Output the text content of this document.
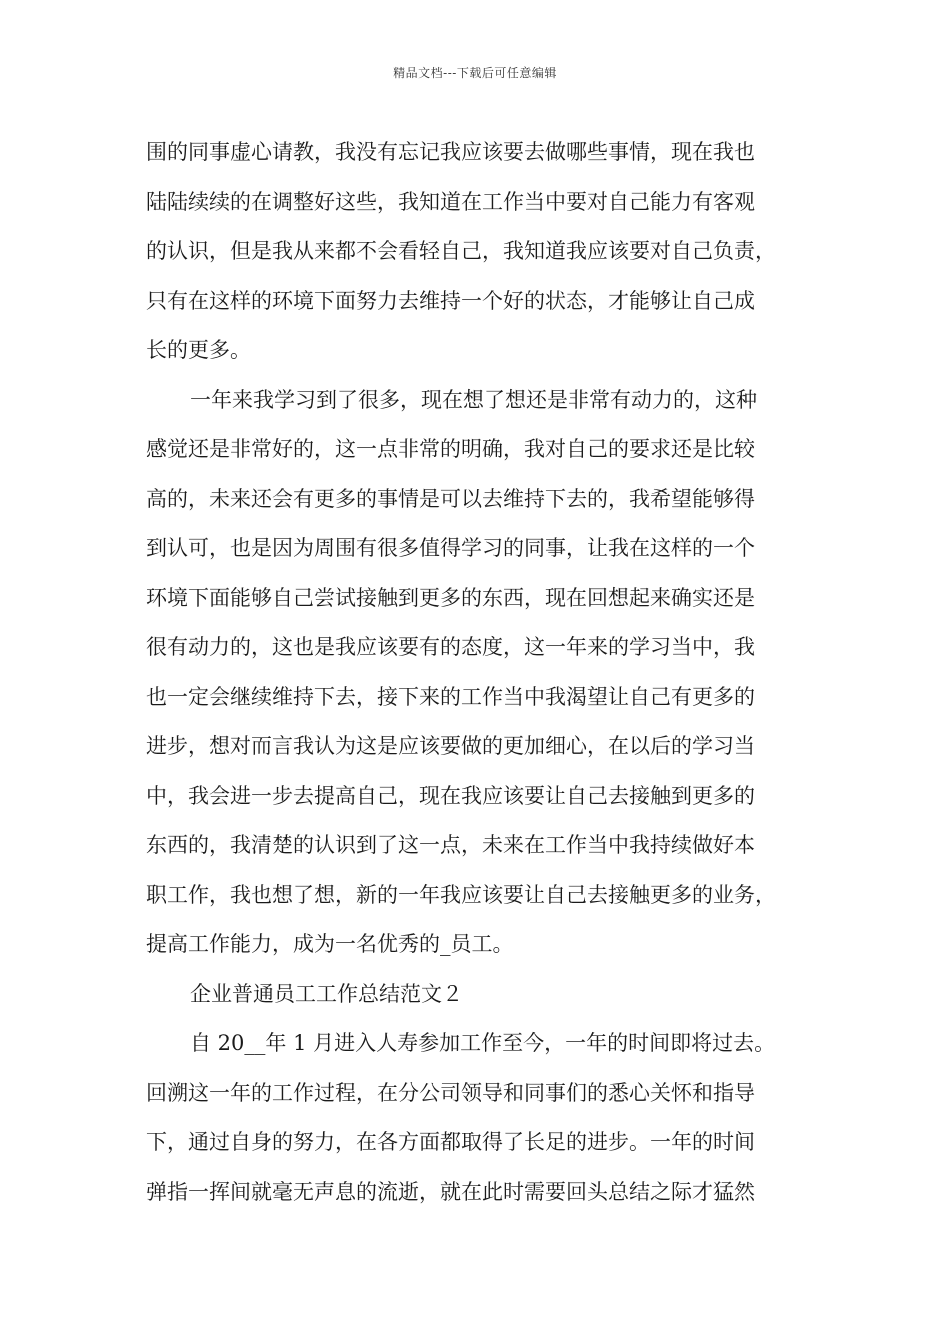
精品文档---下载后可任意编辑
围的同事虚心请教，我没有忘记我应该要去做哪些事情，现在我也
陆陆续续的在调整好这些，我知道在工作当中要对自己能力有客观
的认识，但是我从来都不会看轻自己，我知道我应该要对自己负责，
只有在这样的环境下面努力去维持一个好的状态，才能够让自己成
长的更多。
一年来我学习到了很多，现在想了想还是非常有动力的，这种
感觉还是非常好的，这一点非常的明确，我对自己的要求还是比较
高的，未来还会有更多的事情是可以去维持下去的，我希望能够得
到认可，也是因为周围有很多值得学习的同事，让我在这样的一个
环境下面能够自己尝试接触到更多的东西，现在回想起来确实还是
很有动力的，这也是我应该要有的态度，这一年来的学习当中，我
也一定会继续维持下去，接下来的工作当中我渴望让自己有更多的
进步，想对而言我认为这是应该要做的更加细心，在以后的学习当
中，我会进一步去提高自己，现在我应该要让自己去接触到更多的
东西的，我清楚的认识到了这一点，未来在工作当中我持续做好本
职工作，我也想了想，新的一年我应该要让自己去接触更多的业务，
提高工作能力，成为一名优秀的_员工。
企业普通员工工作总结范文２
自 20__年 1 月进入人寿参加工作至今，一年的时间即将过去。
回溯这一年的工作过程，在分公司领导和同事们的悉心关怀和指导
下，通过自身的努力，在各方面都取得了长足的进步。一年的时间
弹指一挥间就毫无声息的流逝，就在此时需要回头总结之际才猛然
